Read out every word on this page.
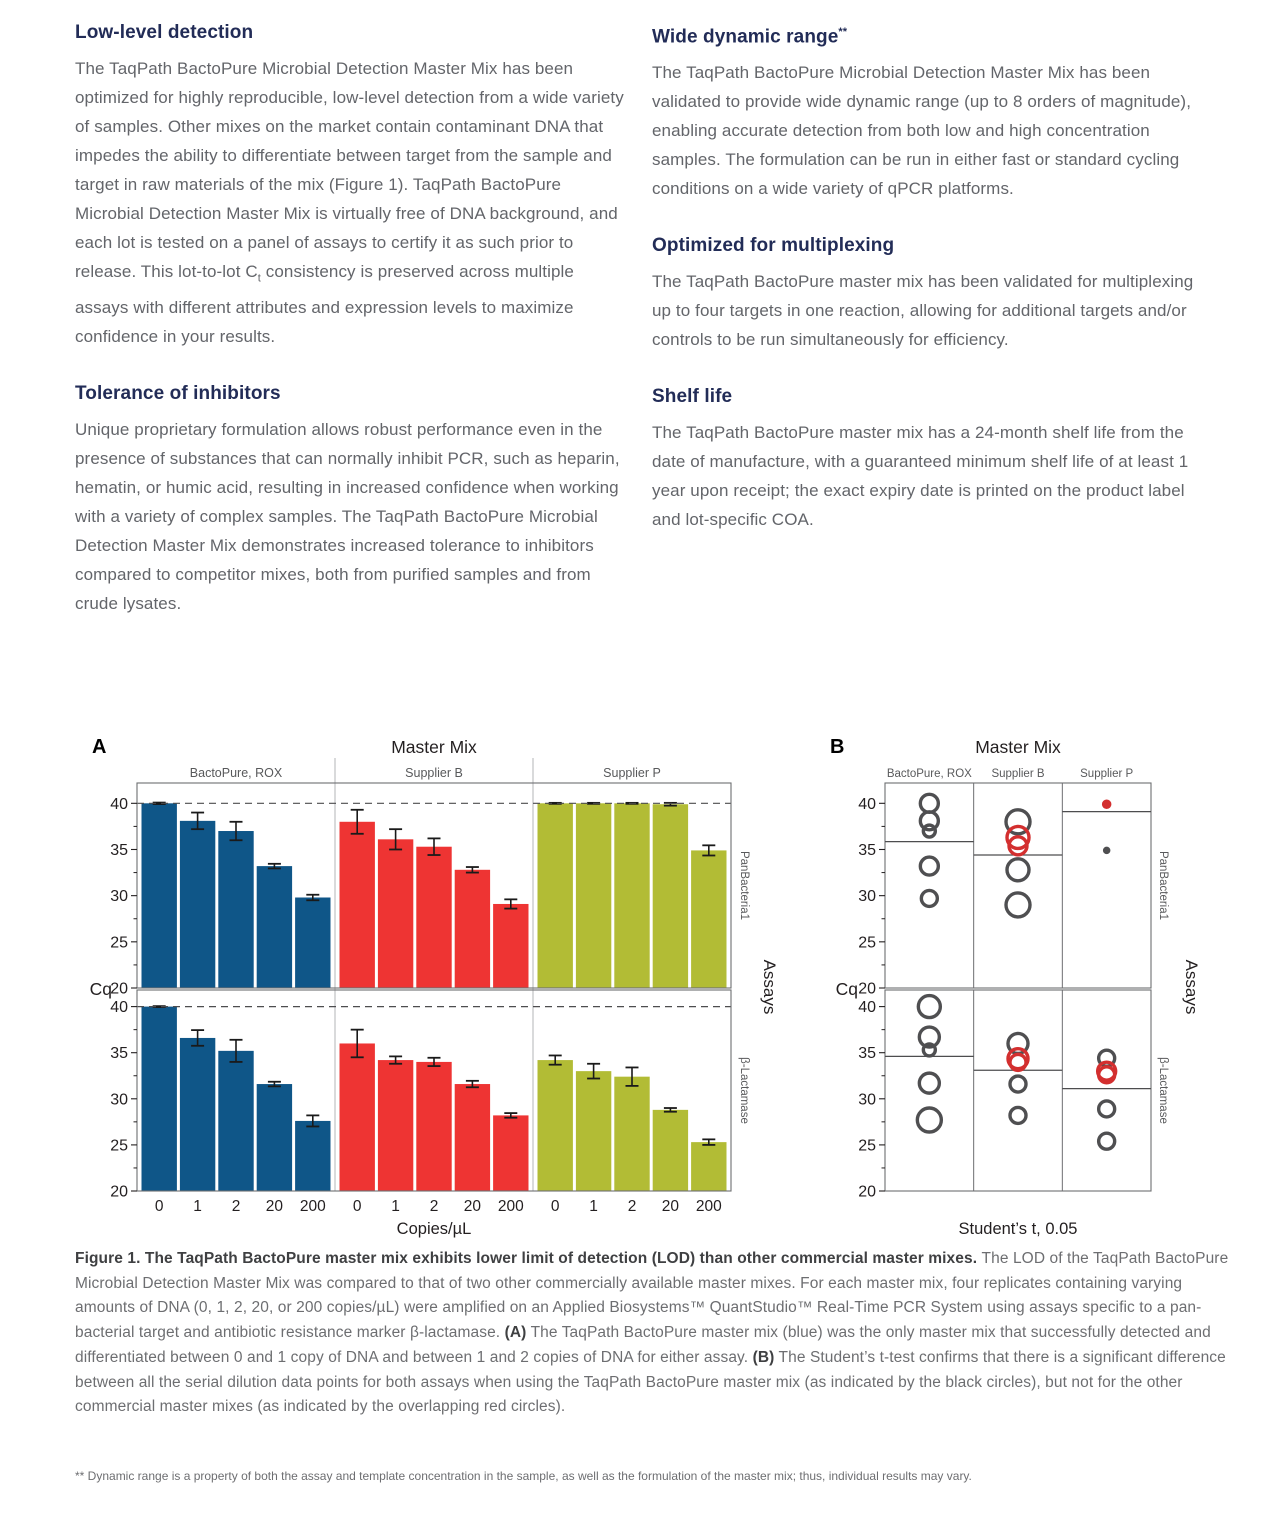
Low-level detection

The TaqPath BactoPure Microbial Detection Master Mix has been optimized for highly reproducible, low-level detection from a wide variety of samples. Other mixes on the market contain contaminant DNA that impedes the ability to differentiate between target from the sample and target in raw materials of the mix (Figure 1). TaqPath BactoPure Microbial Detection Master Mix is virtually free of DNA background, and each lot is tested on a panel of assays to certify it as such prior to release. This lot-to-lot $C_t$ consistency is preserved across multiple assays with different attributes and expression levels to maximize confidence in your results.

Tolerance of inhibitors

Unique proprietary formulation allows robust performance even in the presence of substances that can normally inhibit PCR, such as heparin, hematin, or humic acid, resulting in increased confidence when working with a variety of complex samples. The TaqPath BactoPure Microbial Detection Master Mix demonstrates increased tolerance to inhibitors compared to competitor mixes, both from purified samples and from crude lysates.

Wide dynamic range**

The TaqPath BactoPure Microbial Detection Master Mix has been validated to provide wide dynamic range (up to 8 orders of magnitude), enabling accurate detection from both low and high concentration samples. The formulation can be run in either fast or standard cycling conditions on a wide variety of qPCR platforms.

Optimized for multiplexing

The TaqPath BactoPure master mix has been validated for multiplexing up to four targets in one reaction, allowing for additional targets and/or controls to be run simultaneously for efficiency.

Shelf life

The TaqPath BactoPure master mix has a 24-month shelf life from the date of manufacture, with a guaranteed minimum shelf life of at least 1 year upon receipt; the exact expiry date is printed on the product label and lot-specific COA.

A	Master Mix
BactoPure, ROX	Supplier B	Supplier P
20
25
30
35
40
PanBacteria1
0 1 2 20 200 0 1 2 20 200 0 1 2 20 200
20
25
30
35
40
β-Lactamase
Cq
Copies/µL
Assays
B	Master Mix
BactoPure, ROX Supplier B	Supplier P
20
25
30
35
40
PanBacteria1
20
25
30
35
40
β-Lactamase
Cq
Student’s t, 0.05
Assays
Figure 1. The TaqPath BactoPure master mix exhibits lower limit of detection (LOD) than other commercial master mixes. The LOD of the TaqPath BactoPure Microbial Detection Master Mix was compared to that of two other commercially available master mixes. For each master mix, four replicates containing varying amounts of DNA (0, 1, 2, 20, or 200 copies/µL) were amplified on an Applied Biosystems™ QuantStudio™ Real-Time PCR System using assays specific to a pan-bacterial target and antibiotic resistance marker β-lactamase. (A) The TaqPath BactoPure master mix (blue) was the only master mix that successfully detected and differentiated between 0 and 1 copy of DNA and between 1 and 2 copies of DNA for either assay. (B) The Student’s t-test confirms that there is a significant difference between all the serial dilution data points for both assays when using the TaqPath BactoPure master mix (as indicated by the black circles), but not for the other commercial master mixes (as indicated by the overlapping red circles).
** Dynamic range is a property of both the assay and template concentration in the sample, as well as the formulation of the master mix; thus, individual results may vary.
